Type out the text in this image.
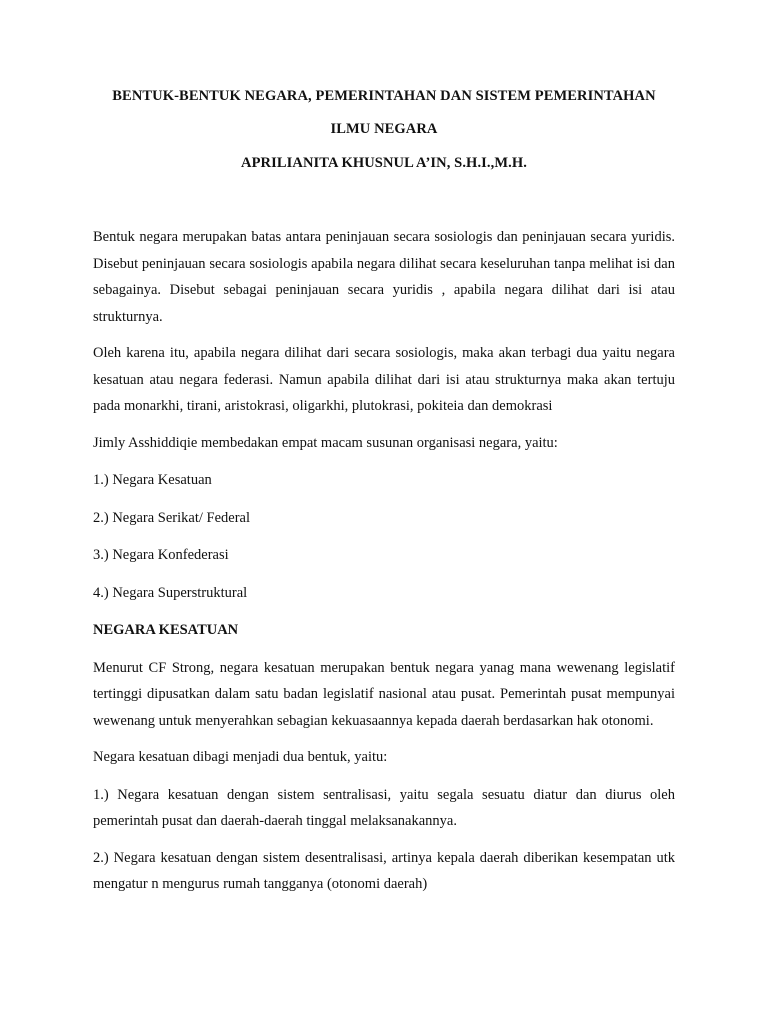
BENTUK-BENTUK NEGARA, PEMERINTAHAN DAN SISTEM PEMERINTAHAN
ILMU NEGARA
APRILIANITA KHUSNUL A’IN, S.H.I.,M.H.

Bentuk negara merupakan batas antara peninjauan secara sosiologis dan peninjauan secara yuridis. Disebut peninjauan secara sosiologis apabila negara dilihat secara keseluruhan tanpa melihat isi dan sebagainya. Disebut sebagai peninjauan secara yuridis , apabila negara dilihat dari isi atau strukturnya.

Oleh karena itu, apabila negara dilihat dari secara sosiologis, maka akan terbagi dua yaitu negara kesatuan atau negara federasi. Namun apabila dilihat dari isi atau strukturnya maka akan tertuju pada monarkhi, tirani, aristokrasi, oligarkhi, plutokrasi, pokiteia dan demokrasi

Jimly Asshiddiqie membedakan empat macam susunan organisasi negara, yaitu:

1.) Negara Kesatuan

2.) Negara Serikat/ Federal

3.) Negara Konfederasi

4.) Negara Superstruktural

NEGARA KESATUAN

Menurut CF Strong, negara kesatuan merupakan bentuk negara yanag mana wewenang legislatif tertinggi dipusatkan dalam satu badan legislatif nasional atau pusat. Pemerintah pusat mempunyai wewenang untuk menyerahkan sebagian kekuasaannya kepada daerah berdasarkan hak otonomi.

Negara kesatuan dibagi menjadi dua bentuk, yaitu:

1.) Negara kesatuan dengan sistem sentralisasi, yaitu segala sesuatu diatur dan diurus oleh pemerintah pusat dan daerah-daerah tinggal melaksanakannya.

2.) Negara kesatuan dengan sistem desentralisasi, artinya kepala daerah diberikan kesempatan utk mengatur n mengurus rumah tangganya (otonomi daerah)
